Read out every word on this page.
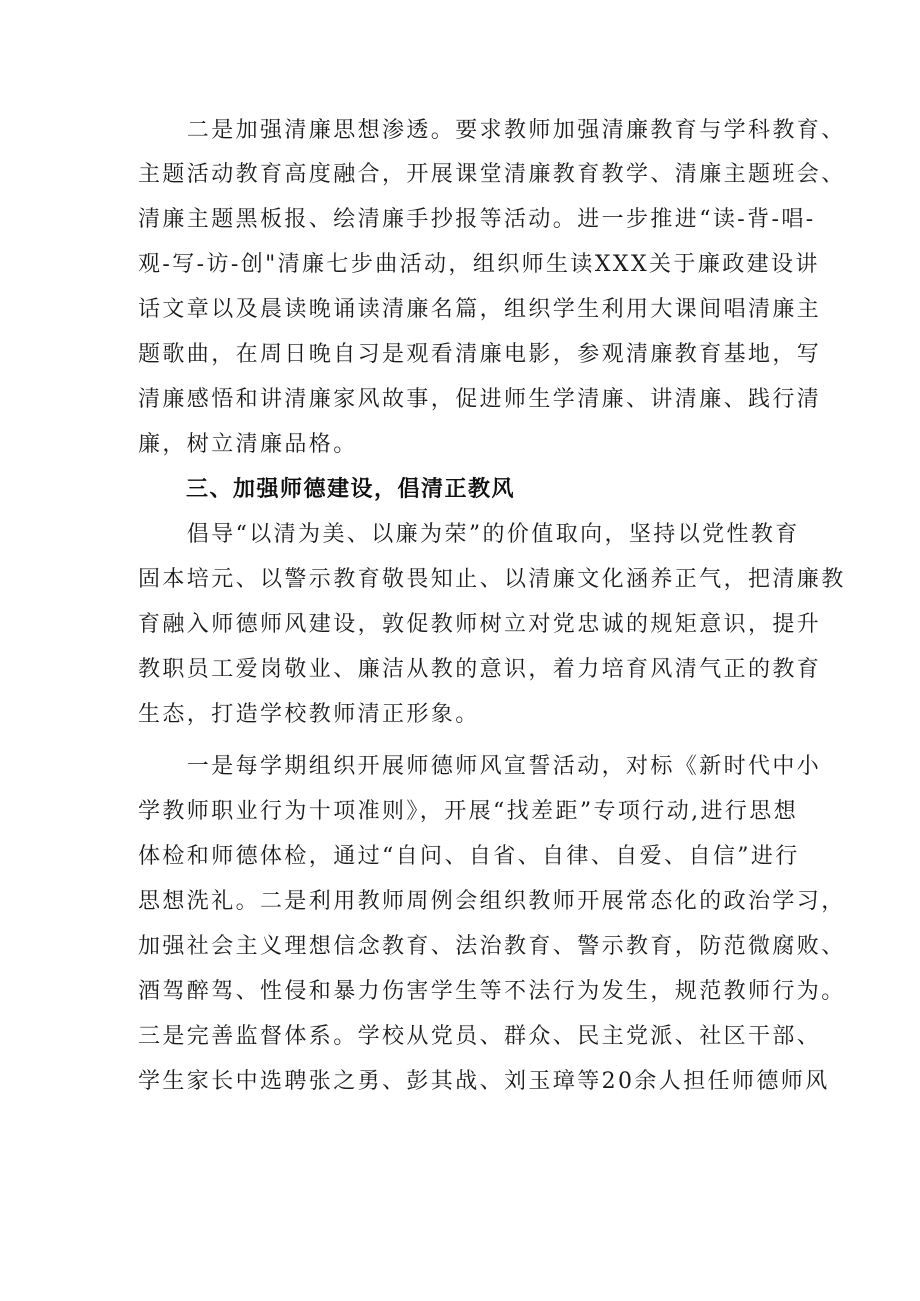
　　二是加强清廉思想渗透。要求教师加强清廉教育与学科教育、
主题活动教育高度融合，开展课堂清廉教育教学、清廉主题班会、
清廉主题黑板报、绘清廉手抄报等活动。进一步推进“读-背-唱-
观-写-访-创"清廉七步曲活动，组织师生读XXX关于廉政建设讲
话文章以及晨读晚诵读清廉名篇，组织学生利用大课间唱清廉主
题歌曲，在周日晚自习是观看清廉电影，参观清廉教育基地，写
清廉感悟和讲清廉家风故事，促进师生学清廉、讲清廉、践行清
廉，树立清廉品格。
三、加强师德建设，倡清正教风
　　倡导“以清为美、以廉为荣”的价值取向，坚持以党性教育
固本培元、以警示教育敬畏知止、以清廉文化涵养正气，把清廉教
育融入师德师风建设，敦促教师树立对党忠诚的规矩意识，提升
教职员工爱岗敬业、廉洁从教的意识，着力培育风清气正的教育
生态，打造学校教师清正形象。
　　一是每学期组织开展师德师风宣誓活动，对标《新时代中小
学教师职业行为十项准则》，开展“找差距”专项行动,进行思想
体检和师德体检，通过“自问、自省、自律、自爱、自信”进行
思想洗礼。二是利用教师周例会组织教师开展常态化的政治学习，
加强社会主义理想信念教育、法治教育、警示教育，防范微腐败、
酒驾醉驾、性侵和暴力伤害学生等不法行为发生，规范教师行为。
三是完善监督体系。学校从党员、群众、民主党派、社区干部、
学生家长中选聘张之勇、彭其战、刘玉璋等20余人担任师德师风
